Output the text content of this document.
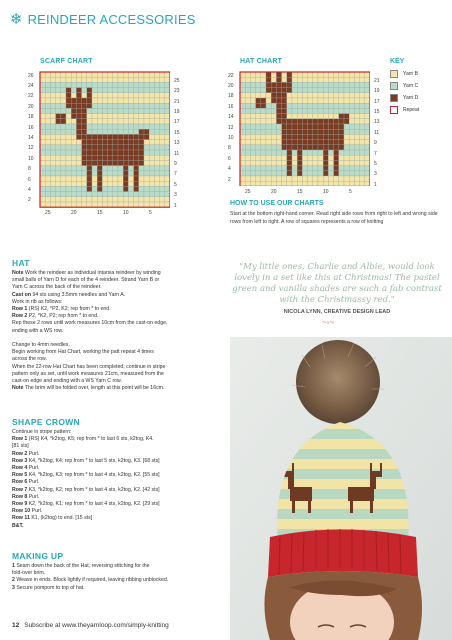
❄ REINDEER ACCESSORIES
SCARF CHART
26
24
22
20
18
16
14
12
10
8
6
4
2
25
23
21
19
17
15
13
11
9
7
5
3
1
25	20	15	10	5
HAT CHART
22
20
18
16
14
12
10
8
6
4
2
21
19
17
15
13
11
9
7
5
3
1
25	20	15	10	5
KEY
Yarn B
Yarn C
Yarn D
Repeat
HOW TO USE OUR CHARTS
Start at the bottom right-hand corner. Read right side rows from right to left and wrong side rows from left to right. A row of squares represents a row of knitting
HAT
Note Work the reindeer as individual intarsia reindeer by winding
small balls of Yarn D for each of the 4 reindeer. Strand Yarn B or
Yarn C across the back of the reindeer.
Cast on 94 sts using 3.5mm needles and Yarn A.
Work in rib as follows:
Row 1 (RS) K2, *P2, K2; rep from * to end.
Row 2 P2, *K2, P2; rep from * to end.
Rep these 2 rows until work measures 10cm from the cast-on edge,
ending with a WS row.

Change to 4mm needles.
Begin working from Hat Chart, working the patt repeat 4 times
across the row.
When the 22-row Hat Chart has been completed, continue in stripe
pattern only as set, until work measures 21cm, measured from the
cast-on edge and ending with a WS Yarn C row.
Note The brim will be folded over, length at this point will be 16cm.
SHAPE CROWN
Continue in stripe pattern:
Row 1 (RS) K4, *k2tog, K5; rep from * to last 6 sts, k2tog, K4.
[81 sts]
Row 2 Purl.
Row 3 K4, *k2tog, K4; rep from * to last 5 sts, k2tog, K3. [68 sts]
Row 4 Purl.
Row 5 K4, *k2tog, K3; rep from * to last 4 sts, k2tog, K2. [55 sts]
Row 6 Purl.
Row 7 K3, *k2tog, K2; rep from * to last 4 sts, k2tog, K2. [42 sts]
Row 8 Purl.
Row 9 K2, *k2tog, K1; rep from * to last 4 sts, k2tog, K2. [29 sts]
Row 10 Purl.
Row 11 K1, (k2tog) to end. [15 sts]
B&T.
MAKING UP
1 Seam down the back of the Hat, reversing stitching for the
fold-over brim.
2 Weave in ends. Block lightly if required, leaving ribbing unblocked.
3 Secure pompom to top of hat.
"My little ones, Charlie and Albie, would look lovely in a set like this at Christmas! The pastel green and vanilla shades are such a fab contrast with the Christmassy red."
NICOLA LYNN, CREATIVE DESIGN LEAD
~◦~
12 Subscribe at www.theyarnloop.com/simply-knitting
